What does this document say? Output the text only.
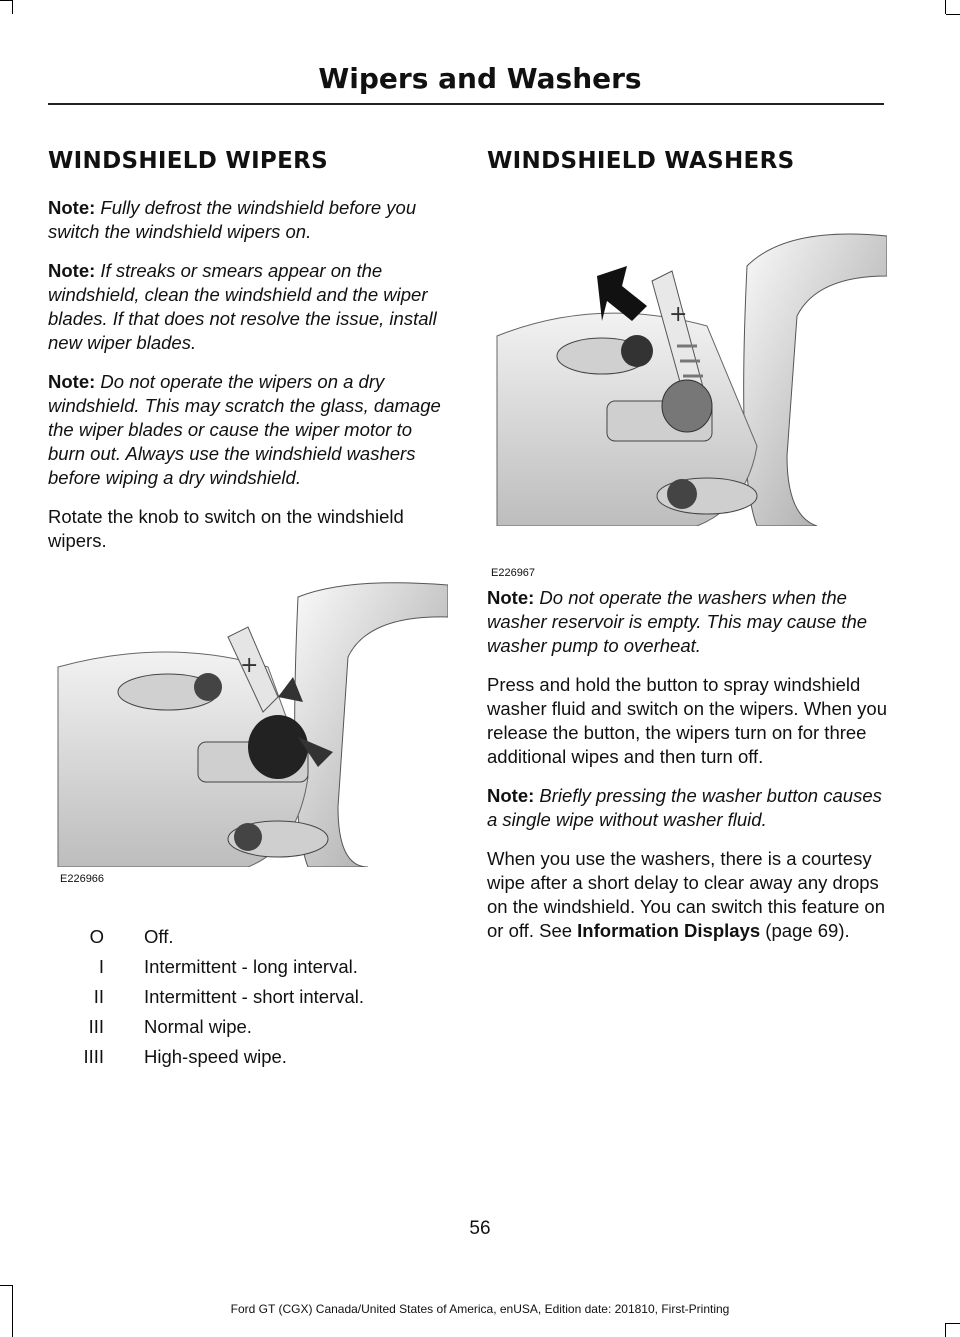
Wipers and Washers
WINDSHIELD WIPERS

Note: Fully defrost the windshield before you switch the windshield wipers on.

Note: If streaks or smears appear on the windshield, clean the windshield and the wiper blades. If that does not resolve the issue, install new wiper blades.

Note: Do not operate the wipers on a dry windshield. This may scratch the glass, damage the wiper blades or cause the wiper motor to burn out. Always use the windshield washers before wiping a dry windshield.

Rotate the knob to switch on the windshield wipers.

+
E226966
O Off.
I Intermittent - long interval.
II Intermittent - short interval.
III Normal wipe.
IIII High-speed wipe.
WINDSHIELD WASHERS
+
E226967

Note: Do not operate the washers when the washer reservoir is empty. This may cause the washer pump to overheat.

Press and hold the button to spray windshield washer fluid and switch on the wipers. When you release the button, the wipers turn on for three additional wipes and then turn off.

Note: Briefly pressing the washer button causes a single wipe without washer fluid.

When you use the washers, there is a courtesy wipe after a short delay to clear away any drops on the windshield. You can switch this feature on or off. See Information Displays (page 69).

56
Ford GT (CGX) Canada/United States of America, enUSA, Edition date: 201810, First-Printing
